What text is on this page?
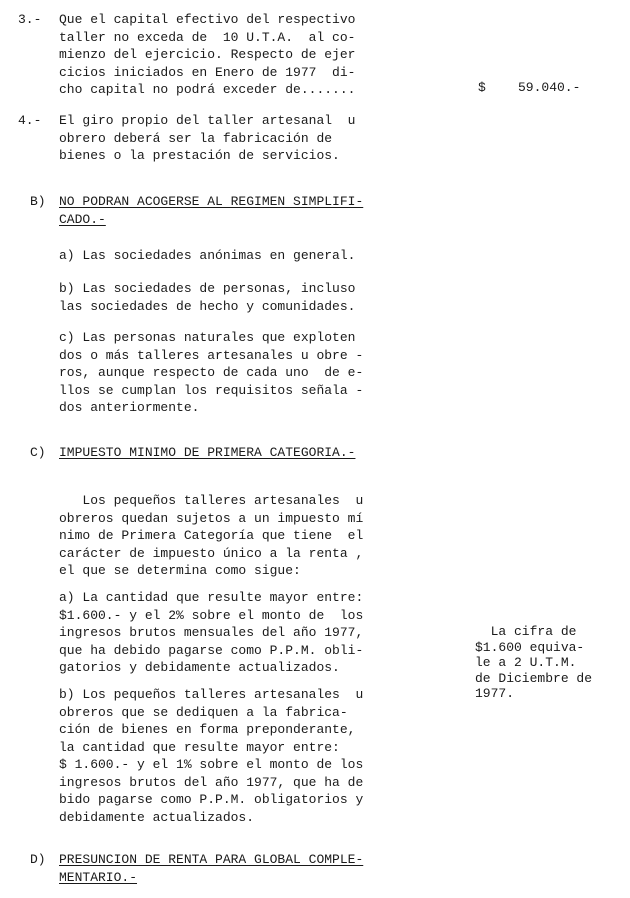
3.- Que el capital efectivo del respectivo
taller no exceda de  10 U.T.A.  al co-
mienzo del ejercicio. Respecto de ejer
cicios iniciados en Enero de 1977  di-
cho capital no podrá exceder de.......	$ 59.040.-
4.- El giro propio del taller artesanal  u
obrero deberá ser la fabricación de
bienes o la prestación de servicios.
B) NO PODRAN ACOGERSE AL REGIMEN SIMPLIFI-
CADO.-
a) Las sociedades anónimas en general.
b) Las sociedades de personas, incluso
las sociedades de hecho y comunidades.
c) Las personas naturales que exploten
dos o más talleres artesanales u obre -
ros, aunque respecto de cada uno  de e-
llos se cumplan los requisitos señala -
dos anteriormente.
C) IMPUESTO MINIMO DE PRIMERA CATEGORIA.-
Los pequeños talleres artesanales  u
obreros quedan sujetos a un impuesto mí
nimo de Primera Categoría que tiene  el
carácter de impuesto único a la renta ,
el que se determina como sigue:
a) La cantidad que resulte mayor entre:
$1.600.- y el 2% sobre el monto de  los
ingresos brutos mensuales del año 1977,
que ha debido pagarse como P.P.M. obli-
gatorios y debidamente actualizados.
b) Los pequeños talleres artesanales  u
obreros que se dediquen a la fabrica-
ción de bienes en forma preponderante,
la cantidad que resulte mayor entre:
$ 1.600.- y el 1% sobre el monto de los
ingresos brutos del año 1977, que ha de
bido pagarse como P.P.M. obligatorios y
debidamente actualizados.
La cifra de
$1.600 equiva-
le a 2 U.T.M.
de Diciembre de
1977.
D) PRESUNCION DE RENTA PARA GLOBAL COMPLE-
MENTARIO.-
